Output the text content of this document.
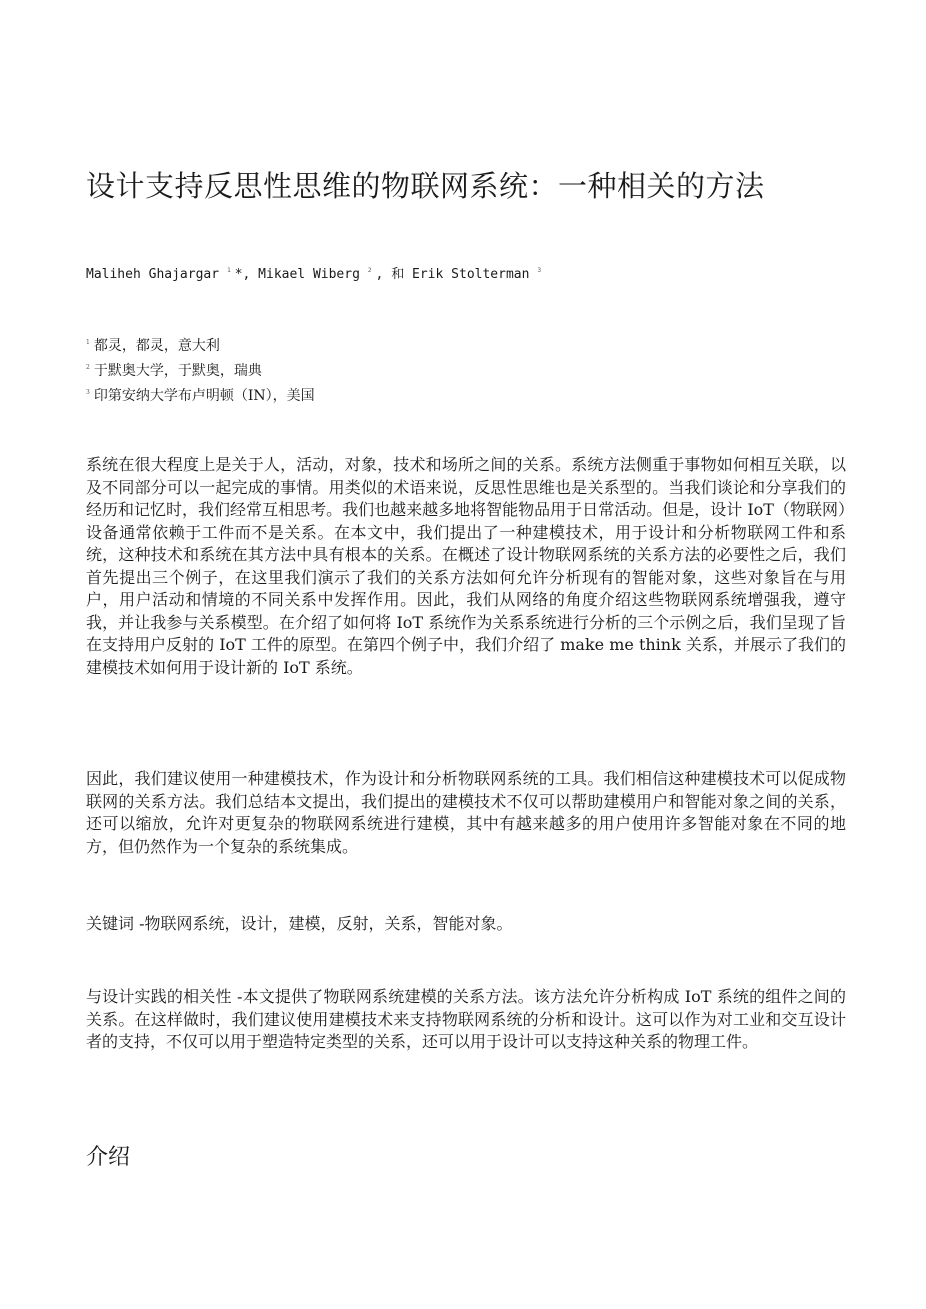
设计支持反思性思维的物联网系统：一种相关的方法
Maliheh Ghajargar $^1$ *, Mikael Wiberg $^2$ , 和 Erik Stolterman $^3$
$^1$ 都灵，都灵，意大利
$^2$ 于默奥大学，于默奥，瑞典
$^3$ 印第安纳大学布卢明顿（IN），美国

系统在很大程度上是关于人，活动，对象，技术和场所之间的关系。系统方法侧重于事物如何相互关联，以及不同部分可以一起完成的事情。用类似的术语来说，反思性思维也是关系型的。当我们谈论和分享我们的经历和记忆时，我们经常互相思考。我们也越来越多地将智能物品用于日常活动。但是，设计 IoT（物联网）设备通常依赖于工件而不是关系。在本文中，我们提出了一种建模技术，用于设计和分析物联网工件和系统，这种技术和系统在其方法中具有根本的关系。在概述了设计物联网系统的关系方法的必要性之后，我们首先提出三个例子，在这里我们演示了我们的关系方法如何允许分析现有的智能对象，这些对象旨在与用户，用户活动和情境的不同关系中发挥作用。因此，我们从网络的角度介绍这些物联网系统增强我，遵守我，并让我参与关系模型。在介绍了如何将 IoT 系统作为关系系统进行分析的三个示例之后，我们呈现了旨在支持用户反射的 IoT 工件的原型。在第四个例子中，我们介绍了 make me think 关系，并展示了我们的建模技术如何用于设计新的 IoT 系统。

因此，我们建议使用一种建模技术，作为设计和分析物联网系统的工具。我们相信这种建模技术可以促成物联网的关系方法。我们总结本文提出，我们提出的建模技术不仅可以帮助建模用户和智能对象之间的关系，还可以缩放，允许对更复杂的物联网系统进行建模，其中有越来越多的用户使用许多智能对象在不同的地方，但仍然作为一个复杂的系统集成。

关键词 -物联网系统，设计，建模，反射，关系，智能对象。

与设计实践的相关性 -本文提供了物联网系统建模的关系方法。该方法允许分析构成 IoT 系统的组件之间的关系。在这样做时，我们建议使用建模技术来支持物联网系统的分析和设计。这可以作为对工业和交互设计者的支持，不仅可以用于塑造特定类型的关系，还可以用于设计可以支持这种关系的物理工件。

介绍
